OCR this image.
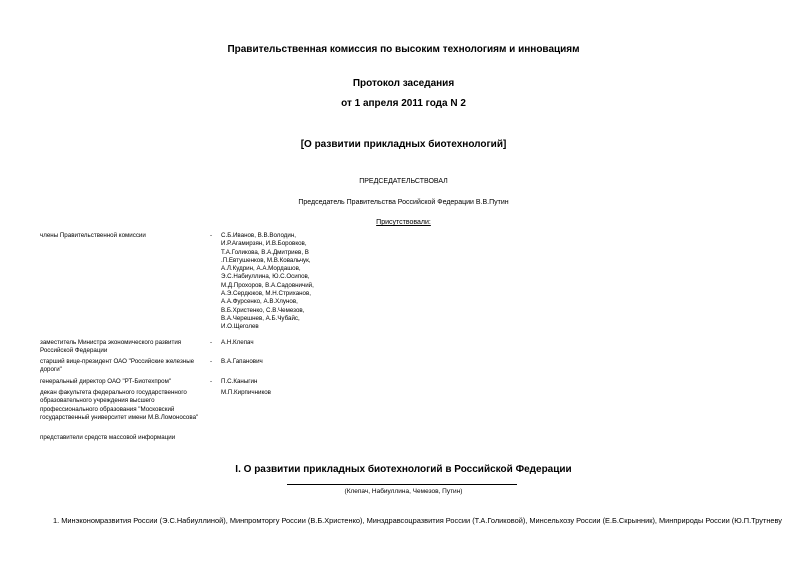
Правительственная комиссия по высоким технологиям и инновациям
Протокол заседания
от 1 апреля 2011 года N 2
[О развитии прикладных биотехнологий]
ПРЕДСЕДАТЕЛЬСТВОВАЛ
Председатель Правительства Российской Федерации В.В.Путин
Присутствовали:
члены Правительственной комиссии	- С.Б.Иванов, В.В.Володин, И.Р.Агамирзян, И.В.Боровков, Т.А.Голикова, В.А.Дмитриев, В .П.Евтушенков, М.В.Ковальчук, А.Л.Кудрин, А.А.Мордашов, Э.С.Набиуллина, Ю.С.Осипов, М.Д.Прохоров, В.А.Садовничий, А.Э.Сердюков, М.Н.Стриханов, А.А.Фурсенко, А.В.Хлунов, В.Б.Христенко, С.В.Чемезов, В.А.Черешнев, А.Б.Чубайс, И.О.Щеголев
заместитель Министра экономического развития Российской Федерации
- А.Н.Клепач
старший вице-президент ОАО "Российские железные дороги"
- В.А.Гапанович
генеральный директор ОАО "РТ-Биотехпром"	- П.С.Каныгин
декан факультета федерального государственного образовательного учреждения высшего профессионального образования "Московский государственный университет имени М.В.Ломоносова"
М.П.Кирпичников
представители средств массовой информации
I. О развитии прикладных биотехнологий в Российской Федерации
(Клепач, Набиуллина, Чемезов, Путин)
1. Минэкономразвития России (Э.С.Набиуллиной), Минпромторгу России (В.Б.Христенко), Минздравсоцразвития России (Т.А.Голиковой), Минсельхозу России (Е.Б.Скрынник), Минприроды России (Ю.П.Трутневу
